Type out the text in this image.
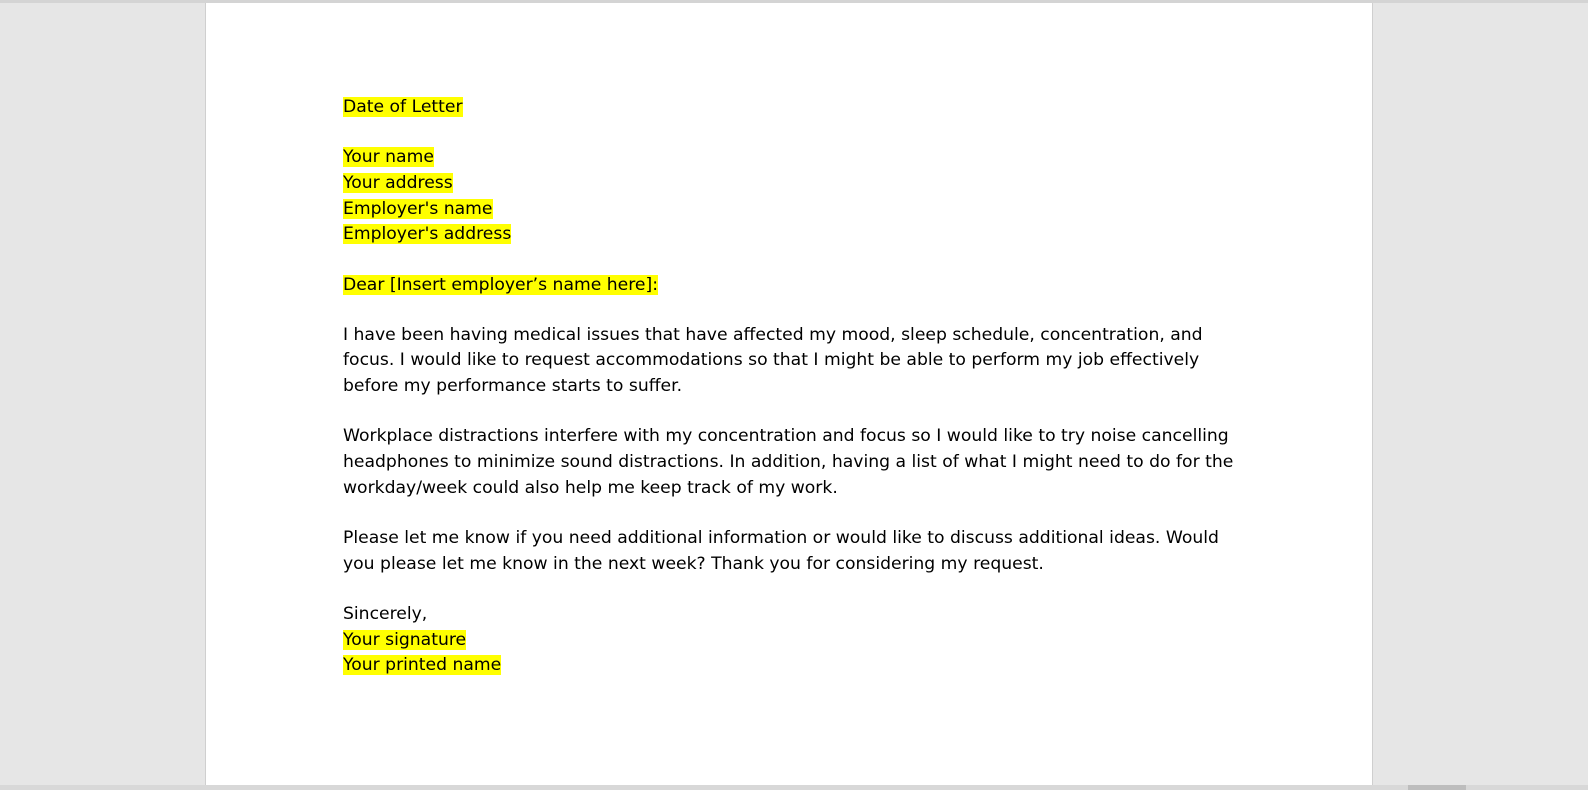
Date of Letter
Your name
Your address
Employer's name
Employer's address
Dear [Insert employer’s name here]:
I have been having medical issues that have affected my mood, sleep schedule, concentration, and
focus. I would like to request accommodations so that I might be able to perform my job effectively
before my performance starts to suffer.
Workplace distractions interfere with my concentration and focus so I would like to try noise cancelling
headphones to minimize sound distractions. In addition, having a list of what I might need to do for the
workday/week could also help me keep track of my work.
Please let me know if you need additional information or would like to discuss additional ideas. Would
you please let me know in the next week? Thank you for considering my request.
Sincerely,
Your signature
Your printed name
